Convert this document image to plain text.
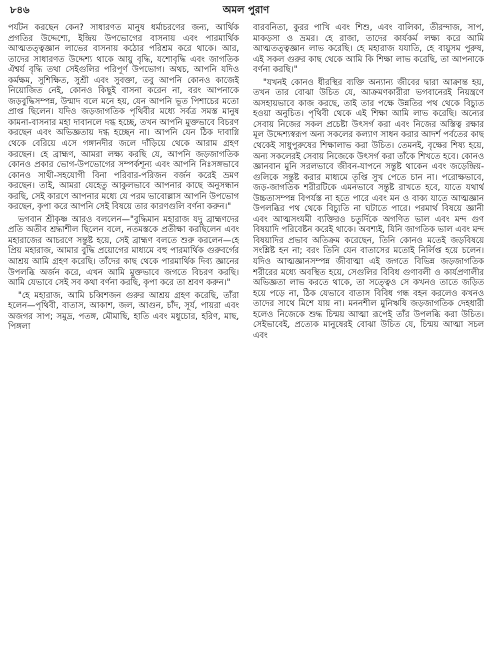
৮৪৬	অমল পুরাণ

পর্যটন করছেন কেন? সাধারণত মানুষ ধর্মাচরণের জন্য, আর্থিক প্রগতির উদ্দেশ্যে, ইন্দ্রিয় উপভোগের বাসনায় এবং পারমার্থিক আত্মতত্ত্বজ্ঞান লাভের বাসনায় কঠোর পরিশ্রম করে থাকে। আর, তাদের সাধারণত উদ্দেশ্য থাকে আয়ু বৃদ্ধি, যশোবৃদ্ধি এবং জাগতিক ঐশ্বর্য বৃদ্ধি তথা সেইগুলির পরিপূর্ণ উপভোগ। অথচ, আপনি যদিও কর্মক্ষম, সুশিক্ষিত, সুশ্রী এবং সুবক্তা, তবু আপনি কোনও কাজেই নিয়োজিত নেই, কোনও কিছুই বাসনা করেন না, বরং আপনাকে জড়বুদ্ধিসম্পন্ন, উন্মাদ বলে মনে হয়, যেন আপনি ভূত পিশাচের মতো প্রাপ্ত ছিলেন। যদিও জড়জাগতিক পৃথিবীর মধ্যে সর্বত্র সমস্ত মানুষ কামনা-বাসনার মহা দাবানলে দগ্ধ হচ্ছে, তখন আপনি মুক্তভাবে বিচরণ করছেন এবং অভিজ্ঞতায় দগ্ধ হচ্ছেন না। আপনি যেন ঠিক দাবাগ্নি থেকে বেরিয়ে এসে গঙ্গানদীর জলে দাঁড়িয়ে থেকে আরাম গ্রহণ করছেন। হে ব্রাহ্মণ, আমরা লক্ষ্য করছি যে, আপনি জড়জাগতিক কোনও প্রকার ভোগ-উপভোগের সম্পর্কশূন্য এবং আপনি নিঃসঙ্গভাবে কোনও সাথী-সহযোগী বিনা পরিবার-পরিজন বর্জন করেই ভ্রমণ করছেন। তাই, আমরা যেহেতু আকুলভাবে আপনার কাছে অনুসন্ধান করছি, সেই কারণে আপনার মধ্যে যে পরম ভাবোল্লাস আপনি উপভোগ করছেন, কৃপা করে আপনি সেই বিষয়ে তার কারণগুলি বর্ণনা করুন।"

ভগবান শ্রীকৃষ্ণ আরও বললেন—"বুদ্ধিমান মহারাজ যদু ব্রাহ্মণদের প্রতি অতীব শ্রদ্ধাশীল ছিলেন বলে, নতমস্তকে প্রতীক্ষা করছিলেন এবং মহারাজের আচরণে সন্তুষ্ট হয়ে, সেই ব্রাহ্মণ বলতে শুরু করলেন—হে প্রিয় মহারাজ, আমার বুদ্ধি প্রয়োগের মাধ্যমে বহু পারমার্থিক গুরুবর্গের আশ্রয় আমি গ্রহণ করেছি। তাঁদের কাছ থেকে পারমার্থিক দিব্য জ্ঞানের উপলব্ধি অর্জন করে, এখন আমি মুক্তভাবে জগতে বিচরণ করছি। আমি যেভাবে সেই সব কথা বর্ণনা করছি, কৃপা করে তা শ্রবণ করুন।"

"হে মহারাজ, আমি চব্বিশজন গুরুর আশ্রয় গ্রহণ করেছি, তাঁরা হলেন—পৃথিবী, বাতাস, আকাশ, জল, আগুন, চাঁদ, সূর্য, পায়রা এবং অজগর সাপ; সমুদ্র, পতঙ্গ, মৌমাছি, হাতি এবং মধুচোর, হরিণ, মাছ, পিঙ্গলা

বারবনিতা, কুরর পাখি এবং শিশু, এবং বালিকা, তীরন্দাজ, সাপ, মাকড়সা ও ভ্রমর। হে রাজা, তাদের কার্যকর্ম লক্ষ্য করে আমি আত্মতত্ত্বজ্ঞান লাভ করেছি। হে মহারাজ যযাতি, হে বায়ুসম পুরুষ, এই সকল গুরুর কাছ থেকে আমি কি শিক্ষা লাভ করেছি, তা আপনাকে বর্ণনা করছি।"

"যখনই কোনও ধীরস্থির ব্যক্তি অন্যান্য জীবের দ্বারা আক্রান্ত হয়, তখন তার বোঝা উচিত যে, আক্রমণকারীরা ভগবানেরই নিয়ন্ত্রণে অসহায়ভাবে কাজ করছে, তাই তার পক্ষে উন্নতির পথ থেকে বিচ্যুত হওয়া অনুচিত। পৃথিবী থেকে এই শিক্ষা আমি লাভ করেছি। অন্যের সেবায় নিজের সকল প্রচেষ্টা উৎসর্গ করা এবং নিজের অস্তিত্ব রক্ষার মূল উদ্দেশ্যস্বরূপ অন্য সকলের কল্যাণ সাধন করার আদর্শ পর্বতের কাছ থেকেই সাধুপুরুষের শিক্ষালাভ করা উচিত। তেমনই, বৃক্ষের শিষ্য হয়ে, অন্য সকলেরই সেবায় নিজেকে উৎসর্গ করা তাঁকে শিখতে হবে। কোনও জ্ঞানবান মুনি সরলভাবে জীবন-যাপনে সন্তুষ্ট থাকেন এবং জড়েন্দ্রিয়-গুলিকে সন্তুষ্ট করার মাধ্যমে তৃপ্তি সুখ পেতে চান না। পরোক্ষভাবে, জড়-জাগতিক শরীরটিকে এমনভাবে সন্তুষ্ট রাখতে হবে, যাতে যথার্থ উচ্চতাসম্পন্ন বিপর্যস্ত না হতে পারে এবং মন ও বাক্য যাতে আত্মজ্ঞান উপলব্ধির পথ থেকে বিচ্যুতি না ঘটাতে পারে। পরমার্থ বিষয়ে জ্ঞানী এবং আত্মসংযমী ব্যক্তিরও চতুর্দিকে অগণিত ভাল এবং মন্দ গুণ বিষয়াদি পরিবেষ্টন করেই থাকে। অবশ্যই, যিনি জাগতিক ভাল এবং মন্দ বিষয়াদির প্রভাব অতিক্রম করেছেন, তিনি কোনও মতেই জড়বিষয়ে সংশ্লিষ্ট হন না; বরং তিনি যেন বাতাসের মতোই নির্লিপ্ত হয়ে চলেন। যদিও আত্মজ্ঞানসম্পন্ন জীবাত্মা এই জগতে বিভিন্ন জড়জাগতিক শরীরের মধ্যে অবস্থিত হয়ে, সেগুলির বিবিধ গুণাবলী ও কার্যপ্রণালীর অভিজ্ঞতা লাভ করতে থাকে, তা সত্ত্বেও সে কখনও তাতে জড়িত হয়ে পড়ে না, ঠিক যেভাবে বাতাস বিবিধ গন্ধ বহন করলেও কখনও তাদের সাথে মিশে যায় না। মননশীল মুনিঋষি জড়জাগতিক দেহধারী হলেও নিজেকে শুদ্ধ চিন্ময় আত্মা রূপেই তাঁর উপলব্ধি করা উচিত। সেইভাবেই, প্রত্যেক মানুষেরই বোঝা উচিত যে, চিন্ময় আত্মা সচল এবং
